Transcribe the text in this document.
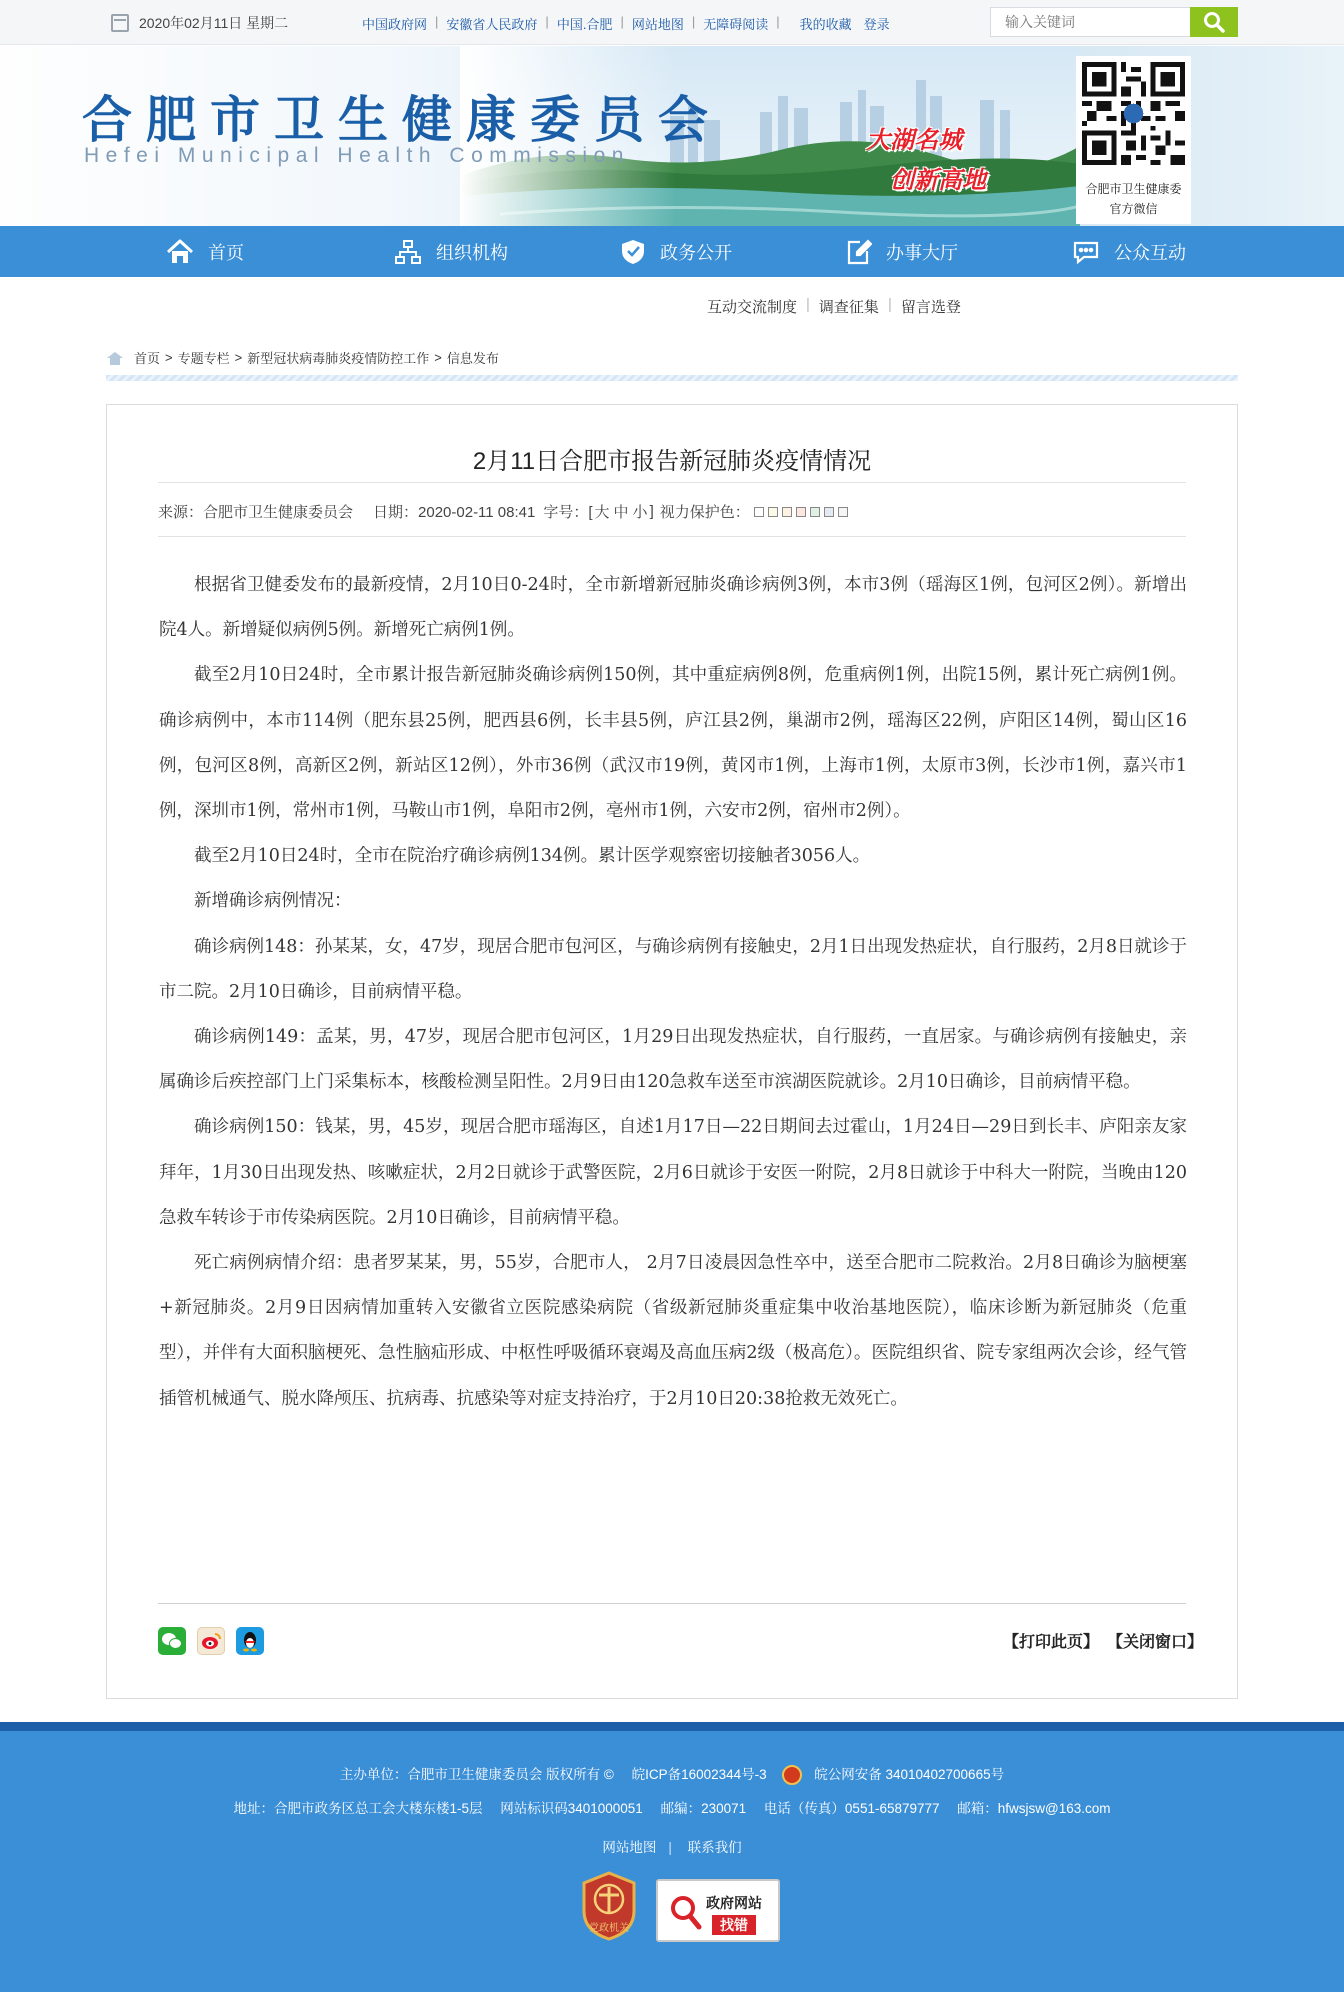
2020年02月11日 星期二	中国政府网 | 安徽省人民政府 | 中国.合肥 | 网站地图 | 无障碍阅读 | 我的收藏 登录
输入关键词
合肥市卫生健康委员会
Hefei Municipal Health Commission
大湖名城
创新高地	合肥市卫生健康委
官方微信
首页	组织机构	政务公开	办事大厅	公众互动
互动交流制度 | 调查征集 | 留言选登
首页 > 专题专栏 > 新型冠状病毒肺炎疫情防控工作 > 信息发布
2月11日合肥市报告新冠肺炎疫情情况
来源：合肥市卫生健康委员会 日期：2020-02-11 08:41 字号：[ 大 中 小 ] 视力保护色：

根据省卫健委发布的最新疫情，2月10日0-24时，全市新增新冠肺炎确诊病例3例，本市3例（瑶海区1例，包河区2例）。新增出院4人。新增疑似病例5例。新增死亡病例1例。

截至2月10日24时，全市累计报告新冠肺炎确诊病例150例，其中重症病例8例，危重病例1例，出院15例，累计死亡病例1例。确诊病例中，本市114例（肥东县25例，肥西县6例，长丰县5例，庐江县2例，巢湖市2例，瑶海区22例，庐阳区14例，蜀山区16例，包河区8例，高新区2例，新站区12例），外市36例（武汉市19例，黄冈市1例，上海市1例，太原市3例，长沙市1例，嘉兴市1例，深圳市1例，常州市1例，马鞍山市1例，阜阳市2例，亳州市1例，六安市2例，宿州市2例）。

截至2月10日24时，全市在院治疗确诊病例134例。累计医学观察密切接触者3056人。

新增确诊病例情况：

确诊病例148：孙某某，女，47岁，现居合肥市包河区，与确诊病例有接触史，2月1日出现发热症状，自行服药，2月8日就诊于市二院。2月10日确诊，目前病情平稳。

确诊病例149：孟某，男，47岁，现居合肥市包河区，1月29日出现发热症状，自行服药，一直居家。与确诊病例有接触史，亲属确诊后疾控部门上门采集标本，核酸检测呈阳性。2月9日由120急救车送至市滨湖医院就诊。2月10日确诊，目前病情平稳。

确诊病例150：钱某，男，45岁，现居合肥市瑶海区，自述1月17日—22日期间去过霍山，1月24日—29日到长丰、庐阳亲友家拜年，1月30日出现发热、咳嗽症状，2月2日就诊于武警医院，2月6日就诊于安医一附院，2月8日就诊于中科大一附院，当晚由120急救车转诊于市传染病医院。2月10日确诊，目前病情平稳。

死亡病例病情介绍：患者罗某某，男，55岁，合肥市人， 2月7日凌晨因急性卒中，送至合肥市二院救治。2月8日确诊为脑梗塞+新冠肺炎。2月9日因病情加重转入安徽省立医院感染病院（省级新冠肺炎重症集中收治基地医院），临床诊断为新冠肺炎（危重型），并伴有大面积脑梗死、急性脑疝形成、中枢性呼吸循环衰竭及高血压病2级（极高危）。医院组织省、院专家组两次会诊，经气管插管机械通气、脱水降颅压、抗病毒、抗感染等对症支持治疗，于2月10日20:38抢救无效死亡。

【打印此页】 【关闭窗口】
主办单位：合肥市卫生健康委员会 版权所有 © 皖ICP备16002344号-3	皖公网安备 34010402700665号
地址：合肥市政务区总工会大楼东楼1-5层 网站标识码3401000051 邮编：230071 电话（传真）0551-65879777 邮箱：hfwsjsw@163.com
网站地图 | 联系我们
党政机关
政府网站
找错
